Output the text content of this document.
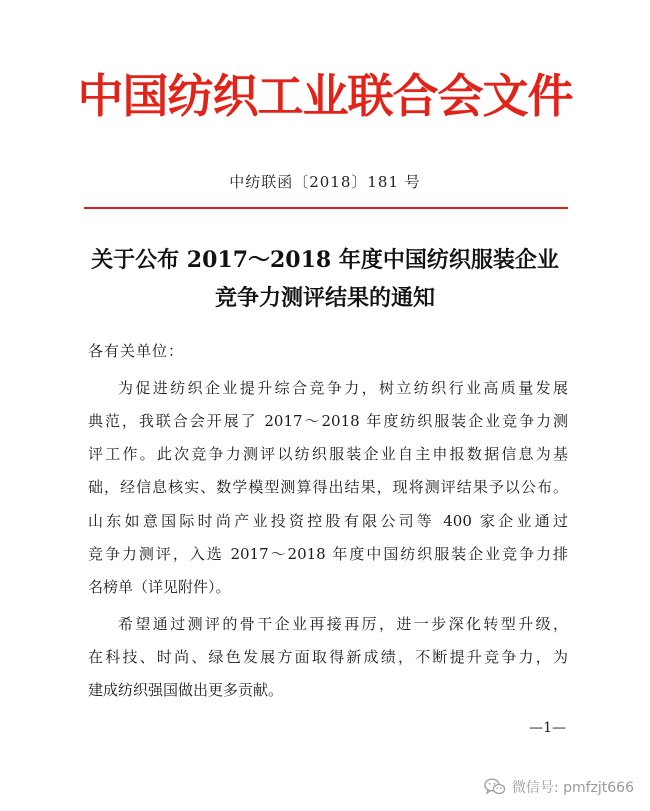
中国纺织工业联合会文件
中纺联函〔2018〕181 号
关于公布 2017～2018 年度中国纺织服装企业
竞争力测评结果的通知
各有关单位：
为促进纺织企业提升综合竞争力，树立纺织行业高质量发展
典范，我联合会开展了 2017～2018 年度纺织服装企业竞争力测
评工作。此次竞争力测评以纺织服装企业自主申报数据信息为基
础，经信息核实、数学模型测算得出结果，现将测评结果予以公布。
山东如意国际时尚产业投资控股有限公司等 400 家企业通过
竞争力测评，入选 2017～2018 年度中国纺织服装企业竞争力排
名榜单（详见附件）。
希望通过测评的骨干企业再接再厉，进一步深化转型升级，
在科技、时尚、绿色发展方面取得新成绩，不断提升竞争力，为
建成纺织强国做出更多贡献。
—1—
微信号: pmfzjt666
